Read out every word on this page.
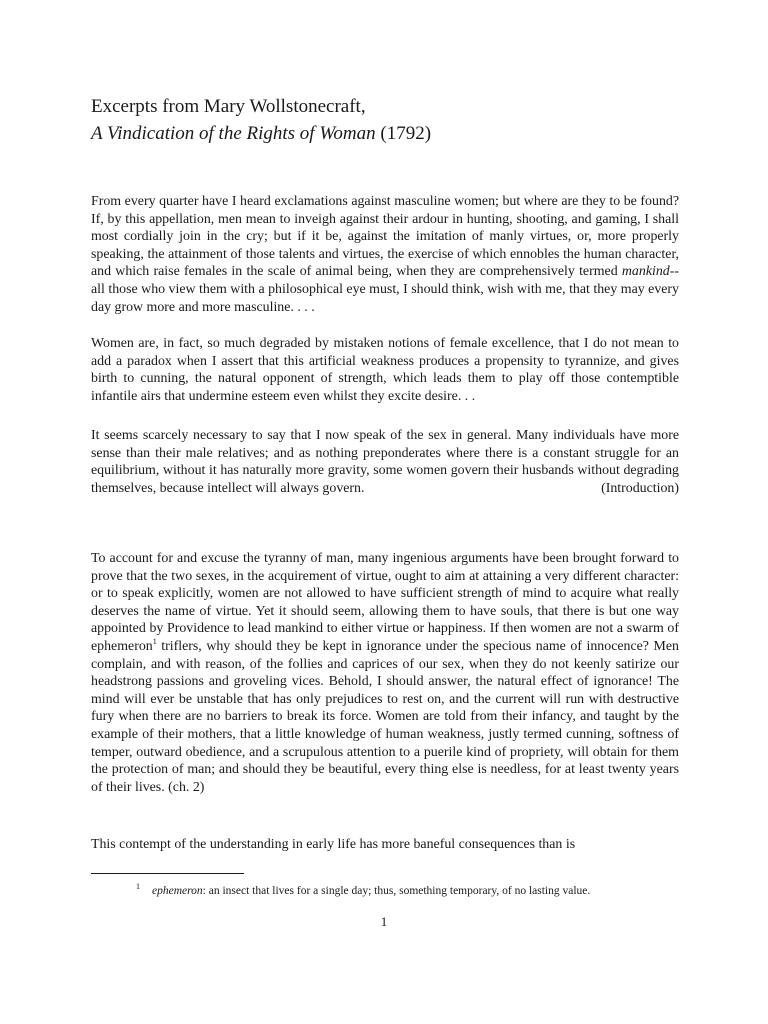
Excerpts from Mary Wollstonecraft,
A Vindication of the Rights of Woman (1792)

From every quarter have I heard exclamations against masculine women; but where are they to be found? If, by this appellation, men mean to inveigh against their ardour in hunting, shooting, and gaming, I shall most cordially join in the cry; but if it be, against the imitation of manly virtues, or, more properly speaking, the attainment of those talents and virtues, the exercise of which ennobles the human character, and which raise females in the scale of animal being, when they are comprehensively termed mankind--all those who view them with a philosophical eye must, I should think, wish with me, that they may every day grow more and more masculine. . . .

Women are, in fact, so much degraded by mistaken notions of female excellence, that I do not mean to add a paradox when I assert that this artificial weakness produces a propensity to tyrannize, and gives birth to cunning, the natural opponent of strength, which leads them to play off those contemptible infantile airs that undermine esteem even whilst they excite desire. . .

It seems scarcely necessary to say that I now speak of the sex in general. Many individuals have more sense than their male relatives; and as nothing preponderates where there is a constant struggle for an equilibrium, without it has naturally more gravity, some women govern their husbands without degrading themselves, because intellect will always govern.	(Introduction)

To account for and excuse the tyranny of man, many ingenious arguments have been brought forward to prove that the two sexes, in the acquirement of virtue, ought to aim at attaining a very different character: or to speak explicitly, women are not allowed to have sufficient strength of mind to acquire what really deserves the name of virtue. Yet it should seem, allowing them to have souls, that there is but one way appointed by Providence to lead mankind to either virtue or happiness. If then women are not a swarm of ephemeron$^1$ triflers, why should they be kept in ignorance under the specious name of innocence? Men complain, and with reason, of the follies and caprices of our sex, when they do not keenly satirize our headstrong passions and groveling vices. Behold, I should answer, the natural effect of ignorance! The mind will ever be unstable that has only prejudices to rest on, and the current will run with destructive fury when there are no barriers to break its force. Women are told from their infancy, and taught by the example of their mothers, that a little knowledge of human weakness, justly termed cunning, softness of temper, outward obedience, and a scrupulous attention to a puerile kind of propriety, will obtain for them the protection of man; and should they be beautiful, every thing else is needless, for at least twenty years of their lives. (ch. 2)

This contempt of the understanding in early life has more baneful consequences than is

$^1$ ephemeron: an insect that lives for a single day; thus, something temporary, of no lasting value.
1
